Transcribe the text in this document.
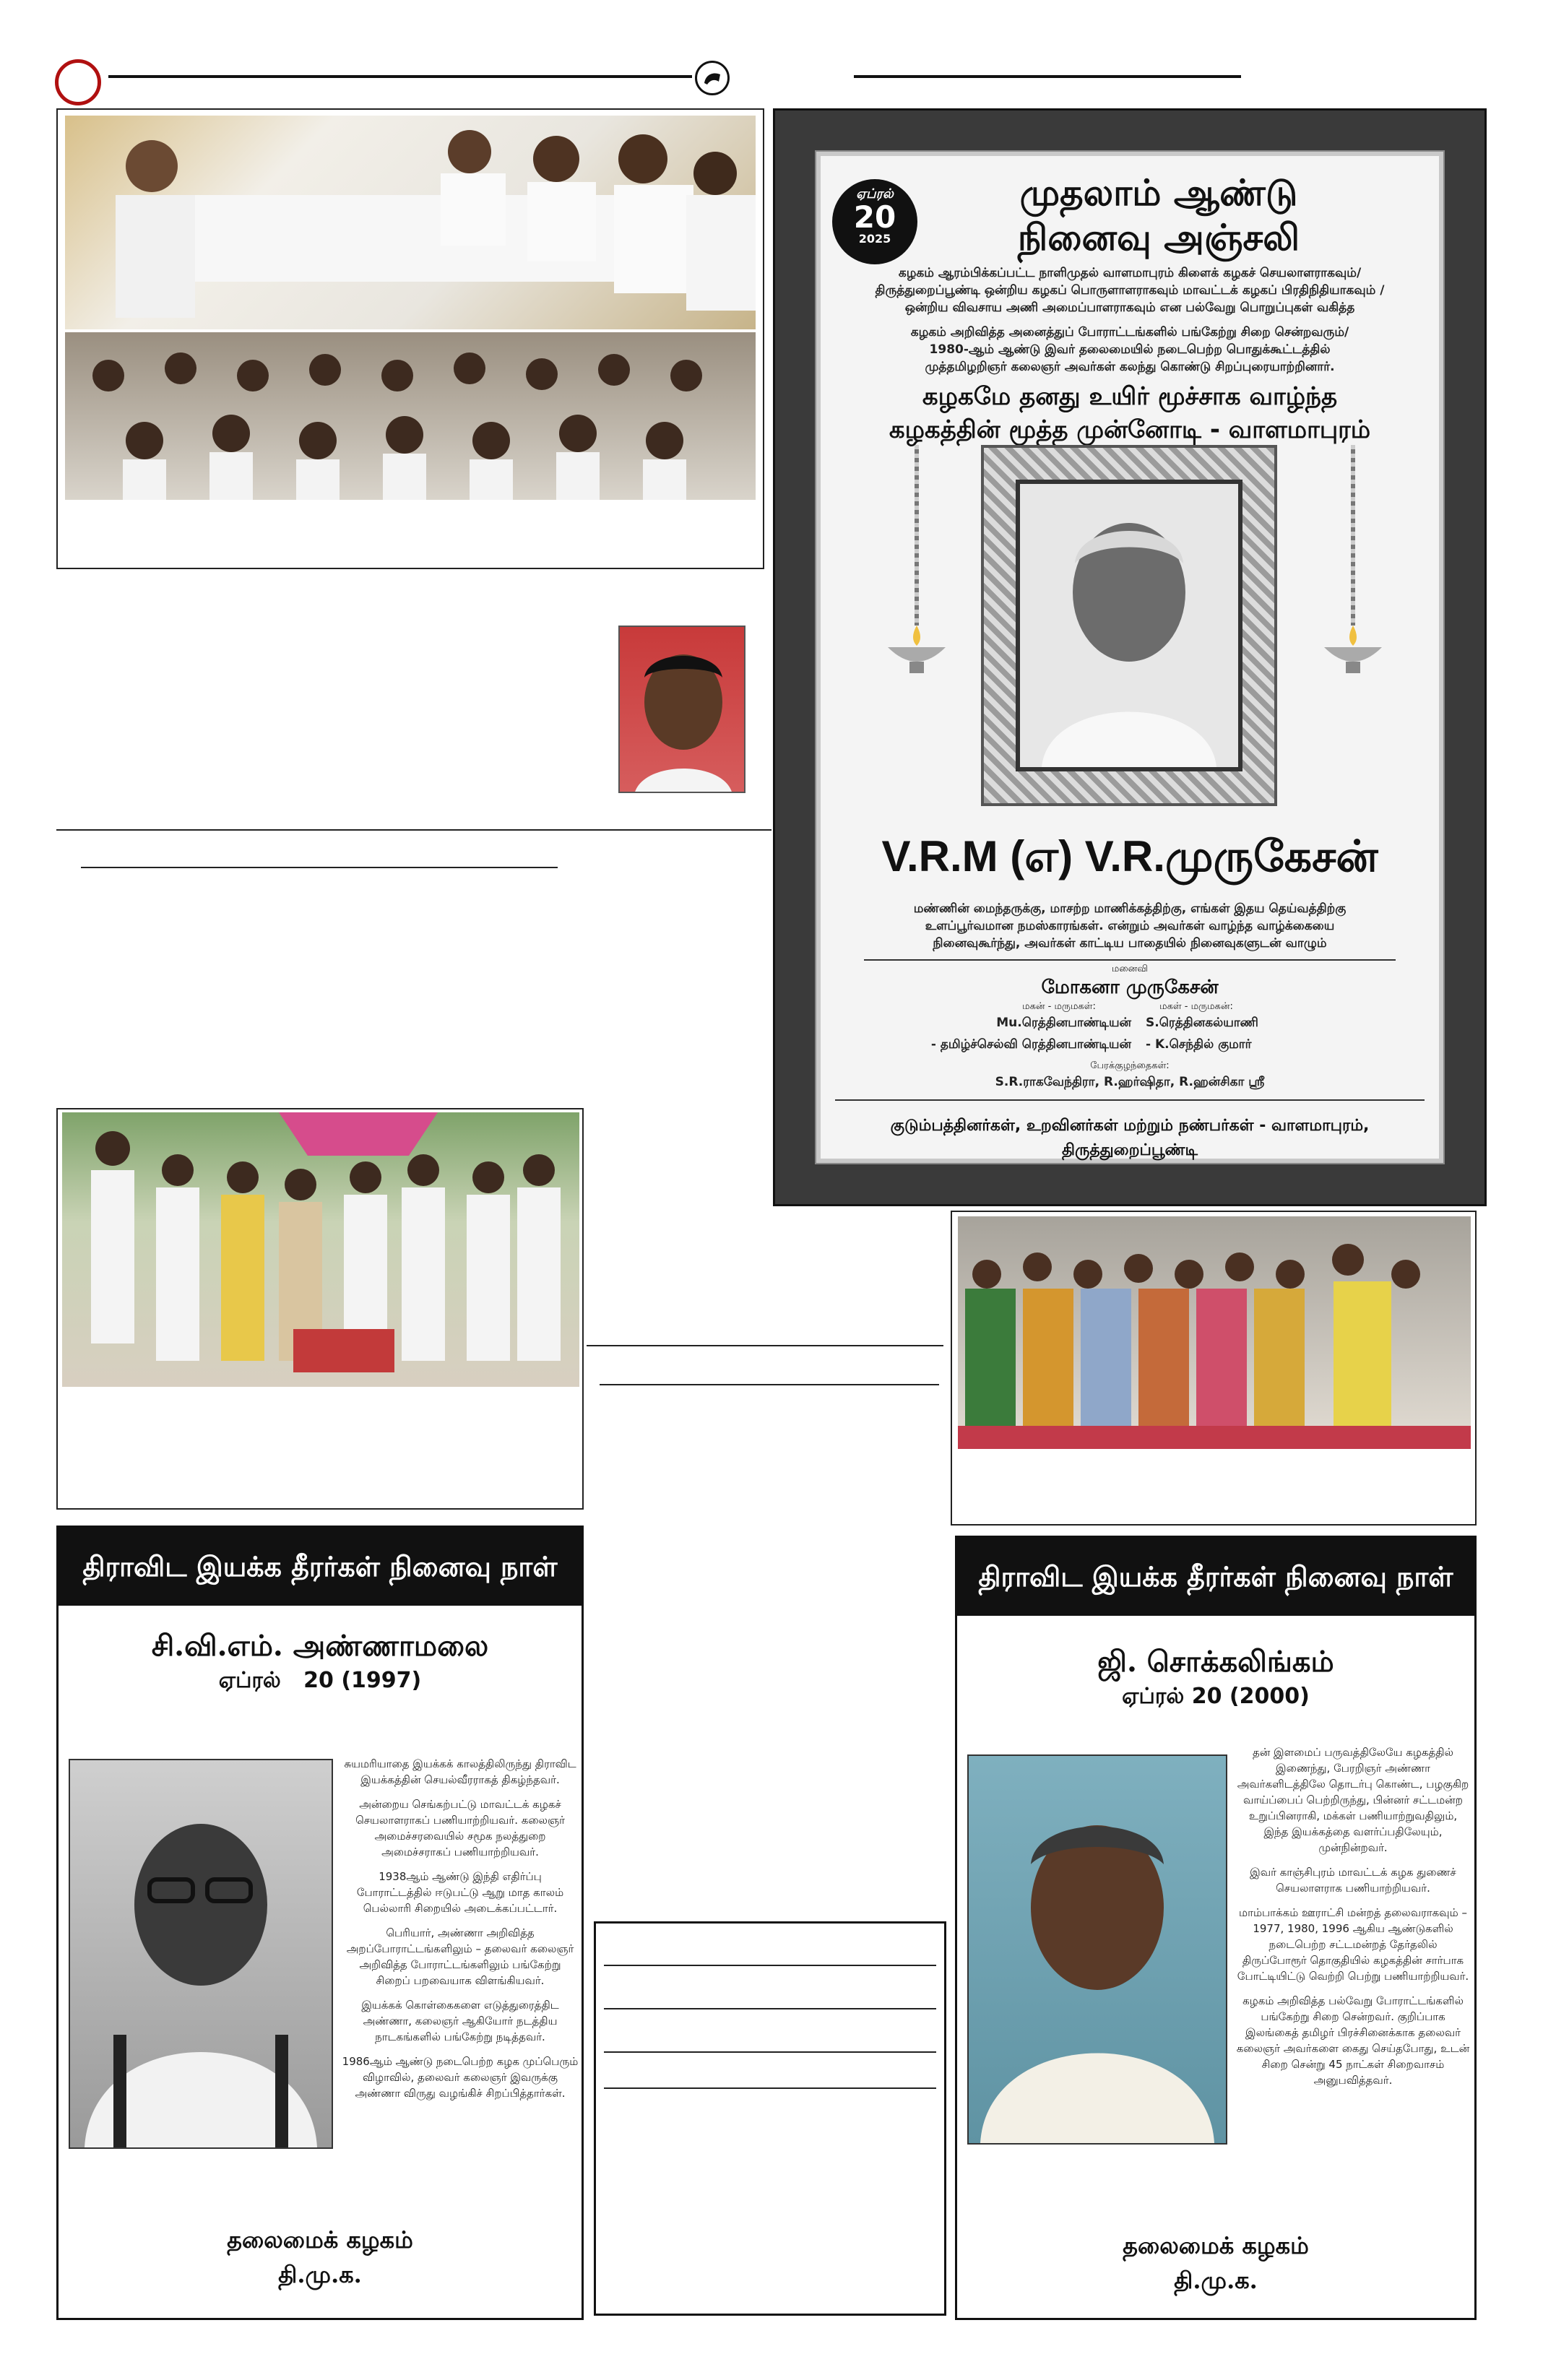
ஏப்ரல்
20
2025
முதலாம் ஆண்டு
நினைவு அஞ்சலி
கழகம் ஆரம்பிக்கப்பட்ட நாளிமுதல் வாளமாபுரம் கிளைக் கழகச் செயலாளராகவும்/
திருத்துறைப்பூண்டி ஒன்றிய கழகப் பொருளாளராகவும் மாவட்டக் கழகப் பிரதிநிதியாகவும் /
ஒன்றிய விவசாய அணி அமைப்பாளராகவும் என பல்வேறு பொறுப்புகள் வகித்த
கழகம் அறிவித்த அனைத்துப் போராட்டங்களில் பங்கேற்று சிறை சென்றவரும்/
1980-ஆம் ஆண்டு இவர் தலைமையில் நடைபெற்ற பொதுக்கூட்டத்தில்
முத்தமிழறிஞர் கலைஞர் அவர்கள் கலந்து கொண்டு சிறப்புரையாற்றினார்.
கழகமே தனது உயிர் மூச்சாக வாழ்ந்த
கழகத்தின் மூத்த முன்னோடி - வாளமாபுரம்
V.R.M (எ) V.R.முருகேசன்
மண்ணின் மைந்தருக்கு, மாசற்ற மாணிக்கத்திற்கு, எங்கள் இதய தெய்வத்திற்கு
உளப்பூர்வமான நமஸ்காரங்கள். என்றும் அவர்கள் வாழ்ந்த வாழ்க்கையை
நினைவுகூர்ந்து, அவர்கள் காட்டிய பாதையில் நினைவுகளுடன் வாழும்
மனைவி
மோகனா முருகேசன்
மகன் - மருமகள்:	மகள் - மருமகன்:
Mu.ரெத்தினபாண்டியன்
- தமிழ்ச்செல்வி ரெத்தினபாண்டியன்
S.ரெத்தினகல்யாணி
- K.செந்தில் குமார்
பேரக்குழந்தைகள்:
S.R.ராகவேந்திரா, R.ஹர்ஷிதா, R.ஹன்சிகா ஸ்ரீ
குடும்பத்தினர்கள், உறவினர்கள் மற்றும் நண்பர்கள் - வாளமாபுரம், திருத்துறைப்பூண்டி
திராவிட இயக்க தீரர்கள் நினைவு நாள்
சி.வி.எம். அண்ணாமலை
ஏப்ரல்   20 (1997)

சுயமரியாதை இயக்கக் காலத்திலிருந்து திராவிட இயக்கத்தின் செயல்வீரராகத் திகழ்ந்தவர்.

அன்றைய செங்கற்பட்டு மாவட்டக் கழகச் செயலாளராகப் பணியாற்றியவர். கலைஞர் அமைச்சரவையில் சமூக நலத்துறை அமைச்சராகப் பணியாற்றியவர்.

1938ஆம் ஆண்டு இந்தி எதிர்ப்பு போராட்டத்தில் ஈடுபட்டு ஆறு மாத காலம் பெல்லாரி சிறையில் அடைக்கப்பட்டார்.

பெரியார், அண்ணா அறிவித்த அறப்போராட்டங்களிலும் – தலைவர் கலைஞர் அறிவித்த போராட்டங்களிலும் பங்கேற்று சிறைப் பறவையாக விளங்கியவர்.

இயக்கக் கொள்கைகளை எடுத்துரைத்திட அண்ணா, கலைஞர் ஆகியோர் நடத்திய நாடகங்களில் பங்கேற்று நடித்தவர்.

1986ஆம் ஆண்டு நடைபெற்ற கழக முப்பெரும் விழாவில், தலைவர் கலைஞர் இவருக்கு அண்ணா விருது வழங்கிச் சிறப்பித்தார்கள்.

தலைமைக் கழகம்
தி.மு.க.
திராவிட இயக்க தீரர்கள் நினைவு நாள்
ஜி. சொக்கலிங்கம்
ஏப்ரல் 20 (2000)

தன் இளமைப் பருவத்திலேயே கழகத்தில் இணைந்து, பேரறிஞர் அண்ணா அவர்களிடத்திலே தொடர்பு கொண்ட, பழகுகிற வாய்ப்பைப் பெற்றிருந்து, பின்னர் சட்டமன்ற உறுப்பினராகி, மக்கள் பணியாற்றுவதிலும், இந்த இயக்கத்தை வளர்ப்பதிலேயும், முன்நின்றவர்.

இவர் காஞ்சிபுரம் மாவட்டக் கழக துணைச் செயலாளராக பணியாற்றியவர்.

மாம்பாக்கம் ஊராட்சி மன்றத் தலைவராகவும் – 1977, 1980, 1996 ஆகிய ஆண்டுகளில் நடைபெற்ற சட்டமன்றத் தேர்தலில் திருப்போரூர் தொகுதியில் கழகத்தின் சார்பாக போட்டியிட்டு வெற்றி பெற்று பணியாற்றியவர்.

கழகம் அறிவித்த பல்வேறு போராட்டங்களில் பங்கேற்று சிறை சென்றவர். குறிப்பாக இலங்கைத் தமிழர் பிரச்சினைக்காக தலைவர் கலைஞர் அவர்களை கைது செய்தபோது, உடன் சிறை சென்று 45 நாட்கள் சிறைவாசம் அனுபவித்தவர்.

தலைமைக் கழகம்
தி.மு.க.
